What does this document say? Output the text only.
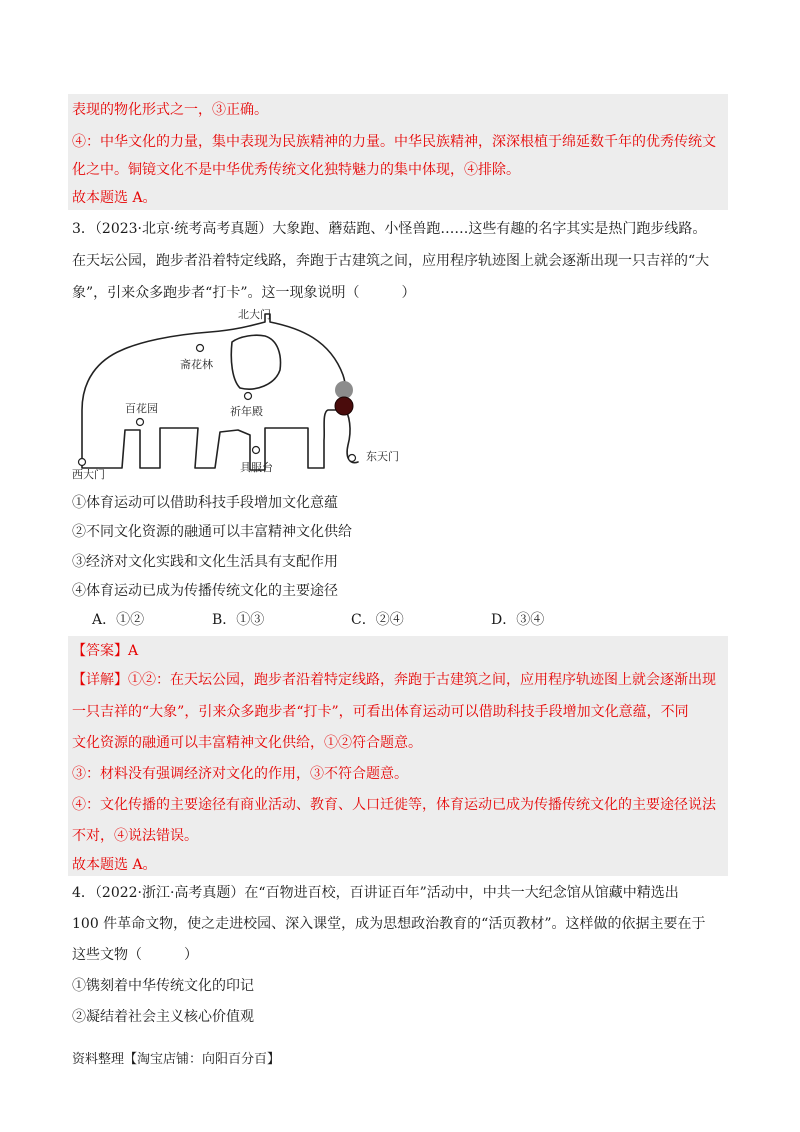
表现的物化形式之一，③正确。
④：中华文化的力量，集中表现为民族精神的力量。中华民族精神，深深根植于绵延数千年的优秀传统文
化之中。铜镜文化不是中华优秀传统文化独特魅力的集中体现，④排除。
故本题选 A。
3．（2023·北京·统考高考真题）大象跑、蘑菇跑、小怪兽跑……这些有趣的名字其实是热门跑步线路。
在天坛公园，跑步者沿着特定线路，奔跑于古建筑之间，应用程序轨迹图上就会逐渐出现一只吉祥的“大
象”，引来众多跑步者“打卡”。这一现象说明（　　　）
北大门
斋花林
百花园	祈年殿
东天门
西大门
具服台
①体育运动可以借助科技手段增加文化意蕴
②不同文化资源的融通可以丰富精神文化供给
③经济对文化实践和文化生活具有支配作用
④体育运动已成为传播传统文化的主要途径
A．①②	B．①③	C．②④	D．③④
【答案】A
【详解】①②：在天坛公园，跑步者沿着特定线路，奔跑于古建筑之间，应用程序轨迹图上就会逐渐出现
一只吉祥的“大象”，引来众多跑步者“打卡”，可看出体育运动可以借助科技手段增加文化意蕴，不同
文化资源的融通可以丰富精神文化供给，①②符合题意。
③：材料没有强调经济对文化的作用，③不符合题意。
④：文化传播的主要途径有商业活动、教育、人口迁徙等，体育运动已成为传播传统文化的主要途径说法
不对，④说法错误。
故本题选 A。
4．（2022·浙江·高考真题）在“百物进百校，百讲证百年”活动中，中共一大纪念馆从馆藏中精选出
100 件革命文物，使之走进校园、深入课堂，成为思想政治教育的“活页教材”。这样做的依据主要在于
这些文物（　　　）
①镌刻着中华传统文化的印记
②凝结着社会主义核心价值观
资料整理【淘宝店铺：向阳百分百】
